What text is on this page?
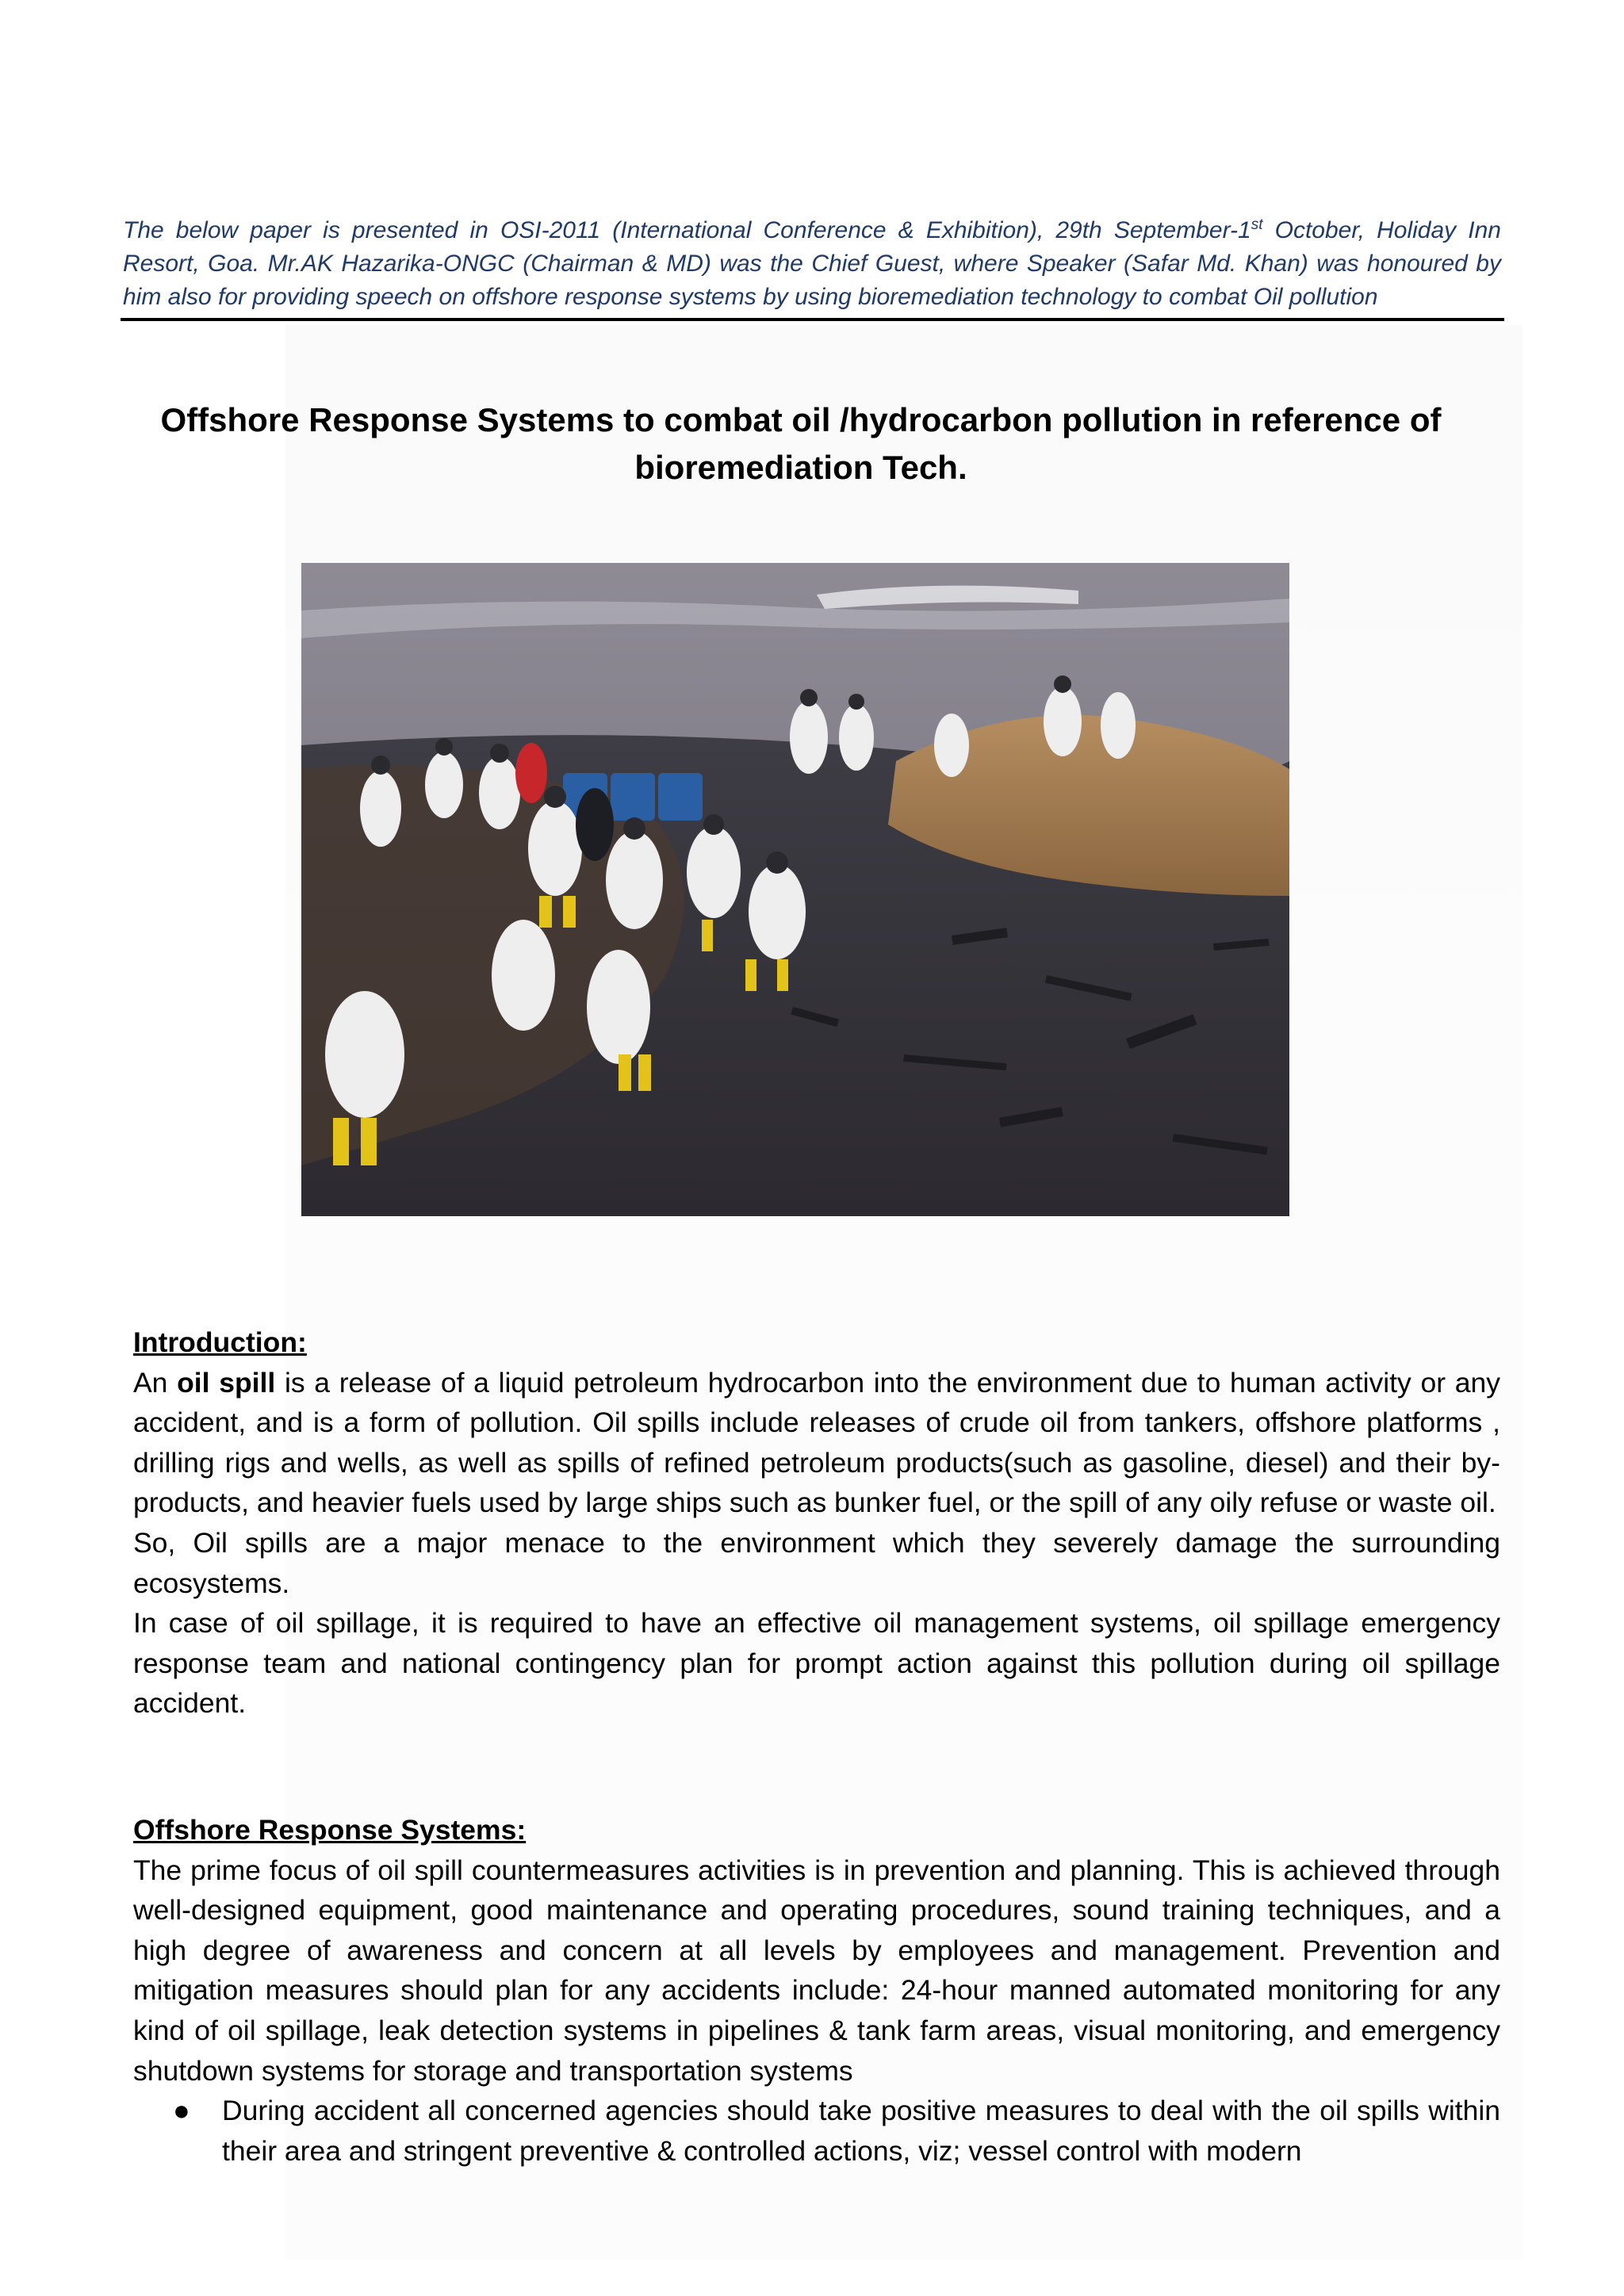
The below paper is presented in OSI-2011 (International Conference & Exhibition), 29th September-1st October, Holiday Inn Resort, Goa. Mr.AK Hazarika-ONGC (Chairman & MD) was the Chief Guest, where Speaker (Safar Md. Khan) was honoured by him also for providing speech on offshore response systems by using bioremediation technology to combat Oil pollution
Offshore Response Systems to combat oil /hydrocarbon pollution in reference of
bioremediation Tech.

Introduction:

An oil spill is a release of a liquid petroleum hydrocarbon into the environment due to human activity or any accident, and is a form of pollution. Oil spills include releases of crude oil from tankers, offshore platforms , drilling rigs and wells, as well as spills of refined petroleum products(such as gasoline, diesel) and their by-products, and heavier fuels used by large ships such as bunker fuel, or the spill of any oily refuse or waste oil.

So, Oil spills are a major menace to the environment which they severely damage the surrounding ecosystems.

In case of oil spillage, it is required to have an effective oil management systems, oil spillage emergency response team and national contingency plan for prompt action against this pollution during oil spillage accident.

Offshore Response Systems:

The prime focus of oil spill countermeasures activities is in prevention and planning. This is achieved through well-designed equipment, good maintenance and operating procedures, sound training techniques, and a high degree of awareness and concern at all levels by employees and management. Prevention and mitigation measures should plan for any accidents include: 24-hour manned automated monitoring for any kind of oil spillage, leak detection systems in pipelines & tank farm areas, visual monitoring, and emergency shutdown systems for storage and transportation systems

● During accident all concerned agencies should take positive measures to deal with the oil spills within their area and stringent preventive & controlled actions, viz; vessel control with modern
